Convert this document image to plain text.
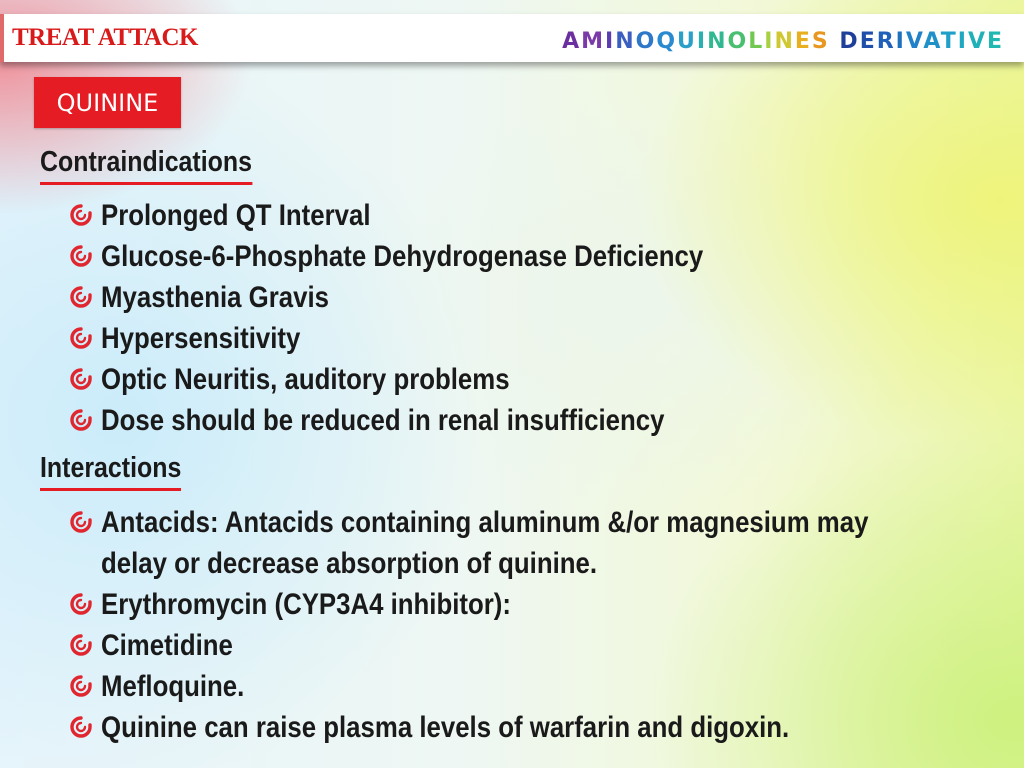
TREAT ATTACK	AMINOQUINOLINES DERIVATIVE
QUININE
Contraindications
Prolonged QT Interval
Glucose-6-Phosphate Dehydrogenase Deficiency
Myasthenia Gravis
Hypersensitivity
Optic Neuritis, auditory problems
Dose should be reduced in renal insufficiency
Interactions
Antacids: Antacids containing aluminum &/or magnesium may
delay or decrease absorption of quinine.
Erythromycin (CYP3A4 inhibitor):
Cimetidine
Mefloquine.
Quinine can raise plasma levels of warfarin and digoxin.
